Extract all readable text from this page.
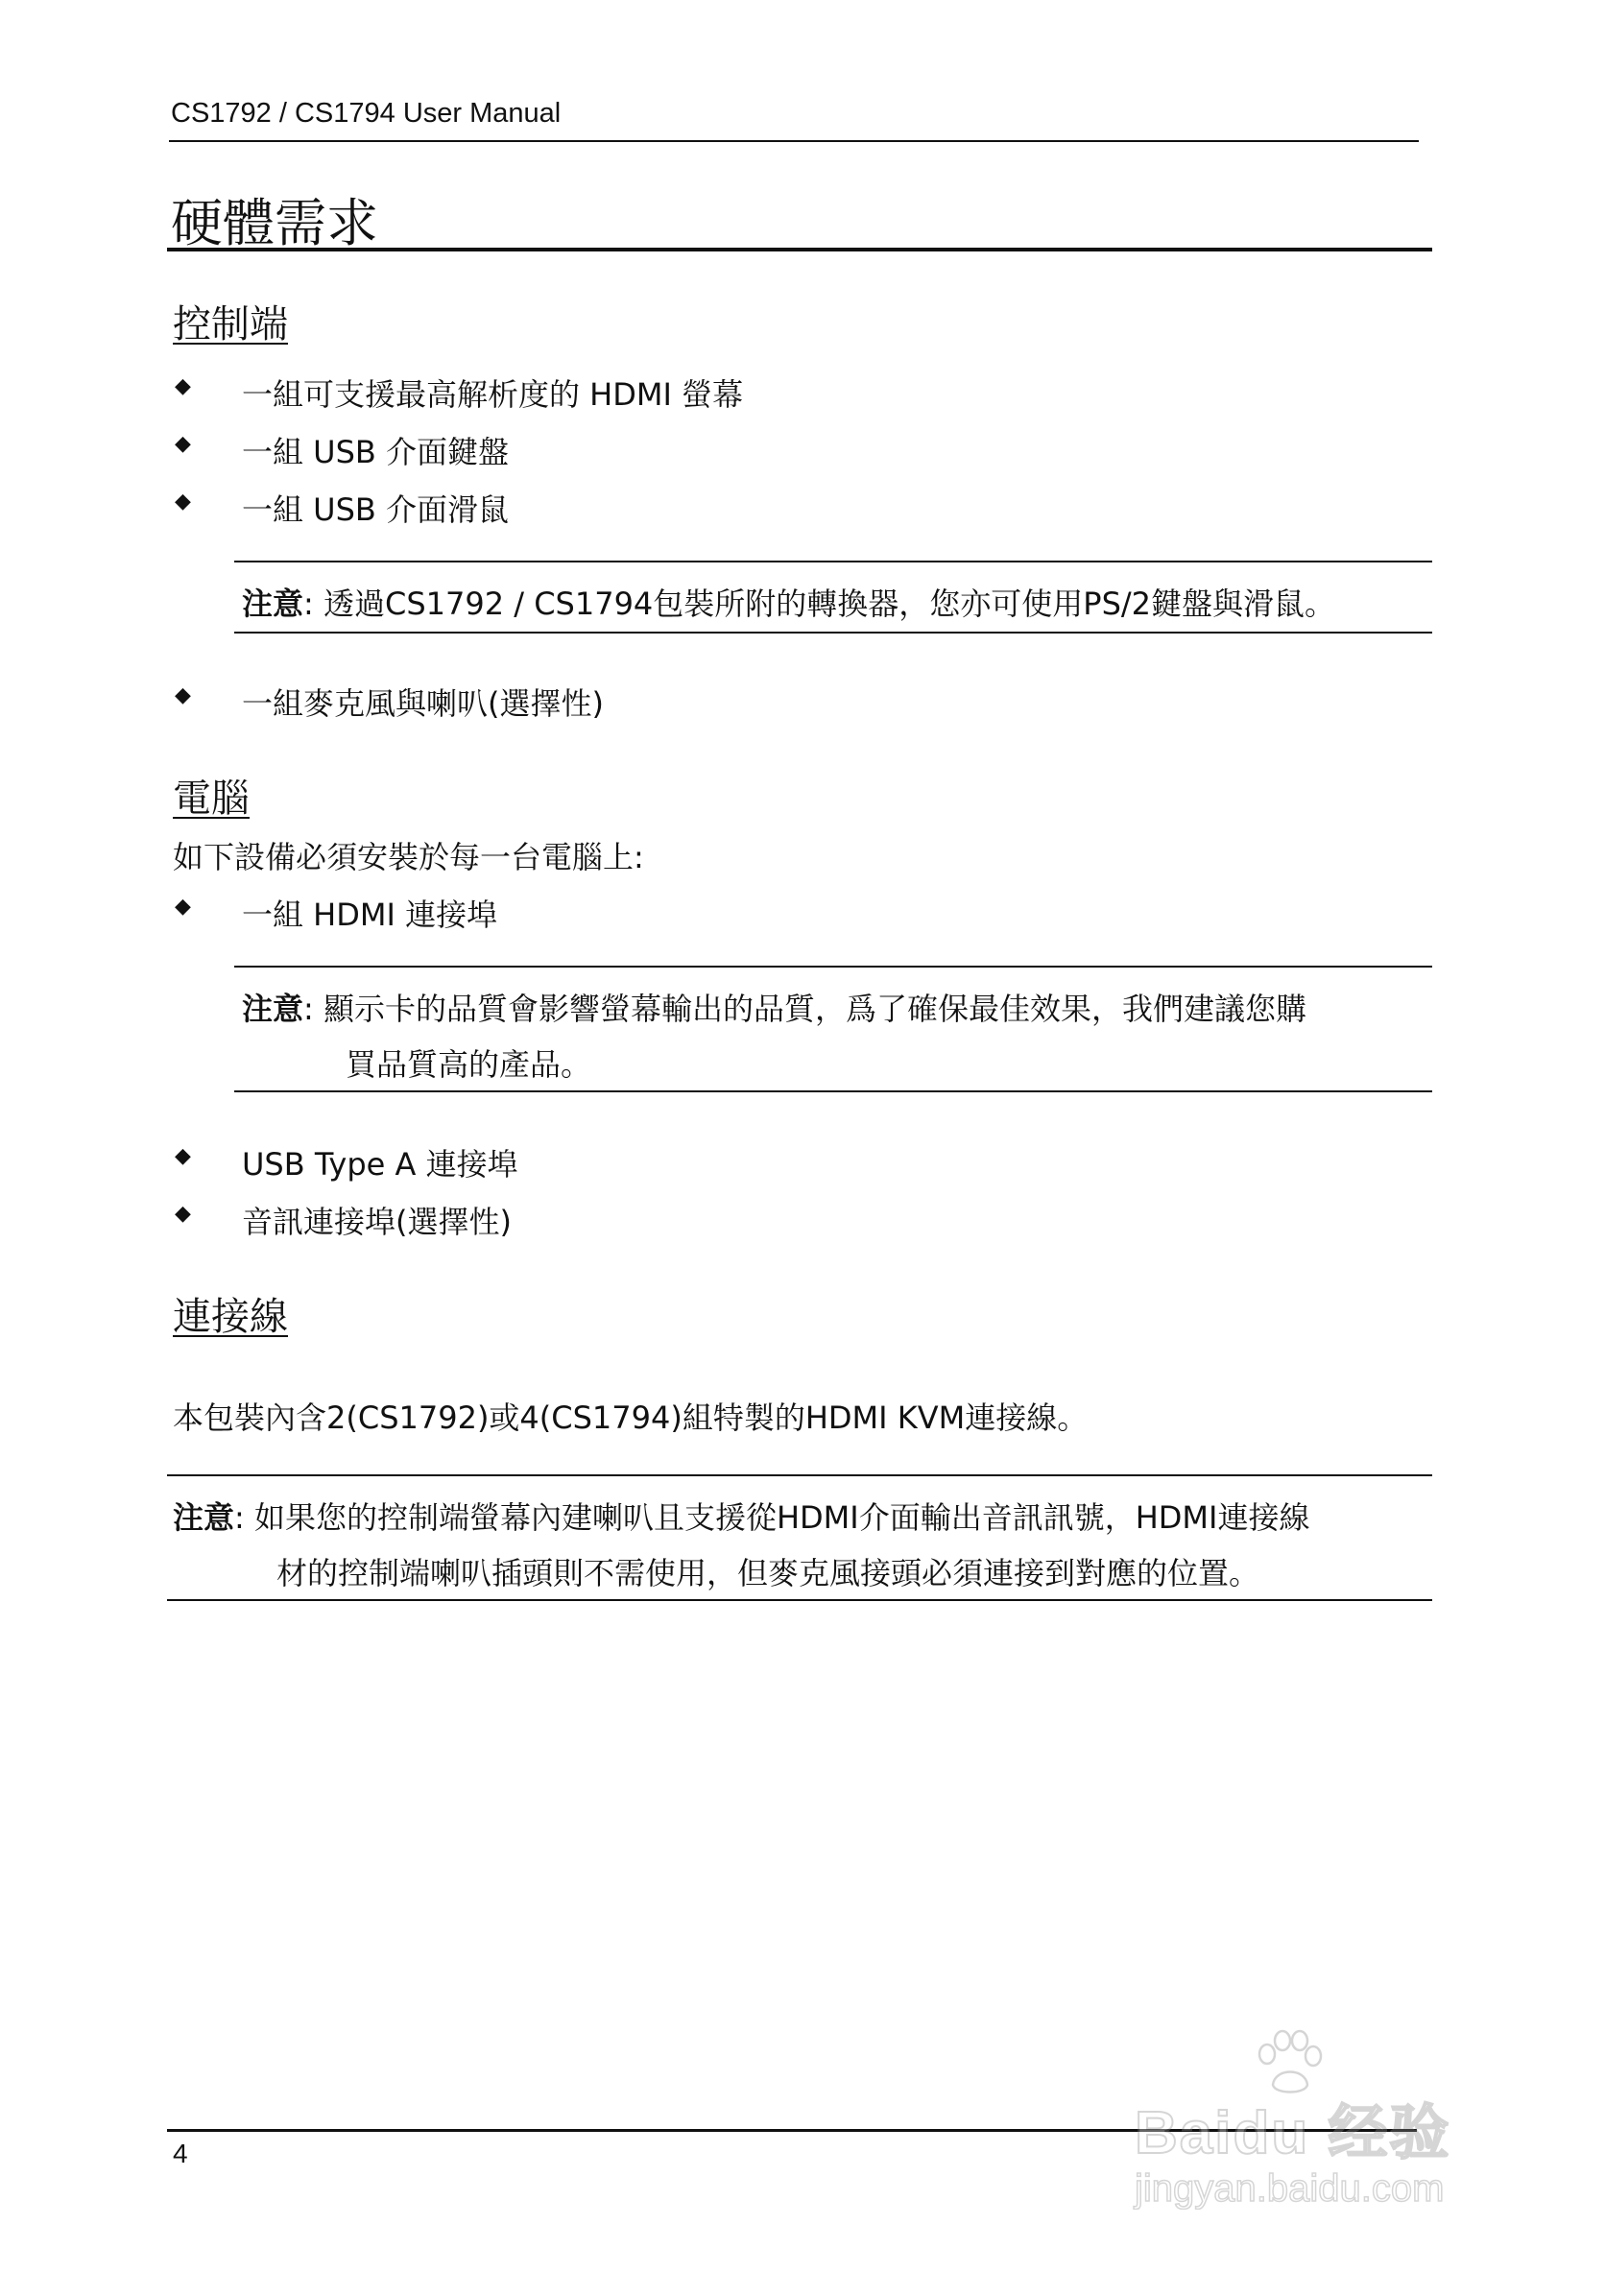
CS1792 / CS1794 User Manual
硬體需求
控制端
◆ 一組可支援最高解析度的 HDMI 螢幕
◆ 一組 USB 介面鍵盤
◆ 一組 USB 介面滑鼠
注意: 透過CS1792 / CS1794包裝所附的轉換器，您亦可使用PS/2鍵盤與滑鼠。
◆ 一組麥克風與喇叭(選擇性)
電腦
如下設備必須安裝於每一台電腦上:
◆ 一組 HDMI 連接埠
注意: 顯示卡的品質會影響螢幕輸出的品質，爲了確保最佳效果，我們建議您購
買品質高的產品。
◆ USB Type A 連接埠
◆ 音訊連接埠(選擇性)
連接線
本包裝內含2(CS1792)或4(CS1794)組特製的HDMI KVM連接線。
注意: 如果您的控制端螢幕內建喇叭且支援從HDMI介面輸出音訊訊號，HDMI連接線
材的控制端喇叭插頭則不需使用，但麥克風接頭必須連接到對應的位置。
4	Baidu 经验
jingyan.baidu.com
